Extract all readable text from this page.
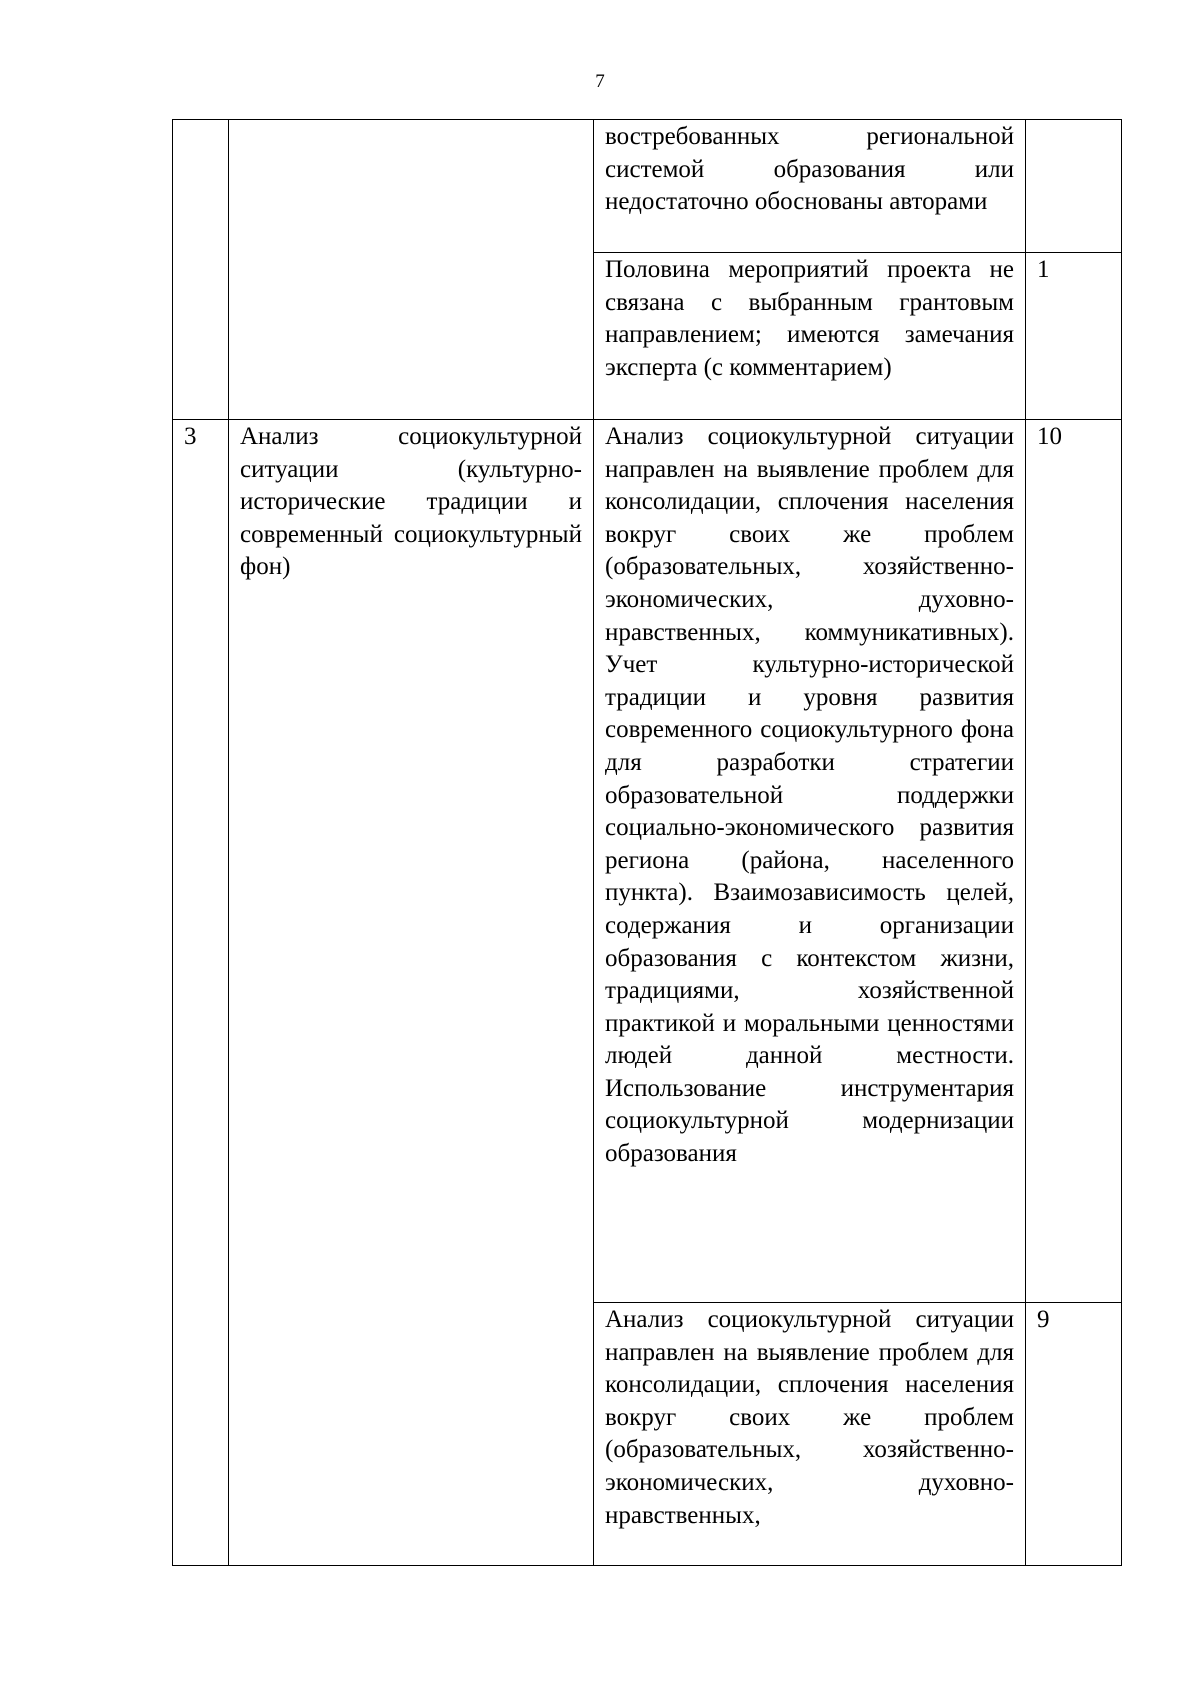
7
		востребованных региональной системой образования или недостаточно обоснованы авторами	
		Половина мероприятий проекта не связана с выбранным грантовым направлением; имеются замечания эксперта (с комментарием)	1
3	Анализ социокультурной ситуации (культурно-исторические традиции и современный социокультурный фон)	Анализ социокультурной ситуации направлен на выявление проблем для консолидации, сплочения населения вокруг своих же проблем (образовательных, хозяйственно-экономических, духовно-нравственных, коммуникативных). Учет культурно-исторической традиции и уровня развития современного социокультурного фона для разработки стратегии образовательной поддержки социально-экономического развития региона (района, населенного пункта). Взаимозависимость целей, содержания и организации образования с контекстом жизни, традициями, хозяйственной практикой и моральными ценностями людей данной местности. Использование инструментария социокультурной модернизации образования	10
		Анализ социокультурной ситуации направлен на выявление проблем для консолидации, сплочения населения вокруг своих же проблем (образовательных, хозяйственно-экономических, духовно-нравственных,	9
